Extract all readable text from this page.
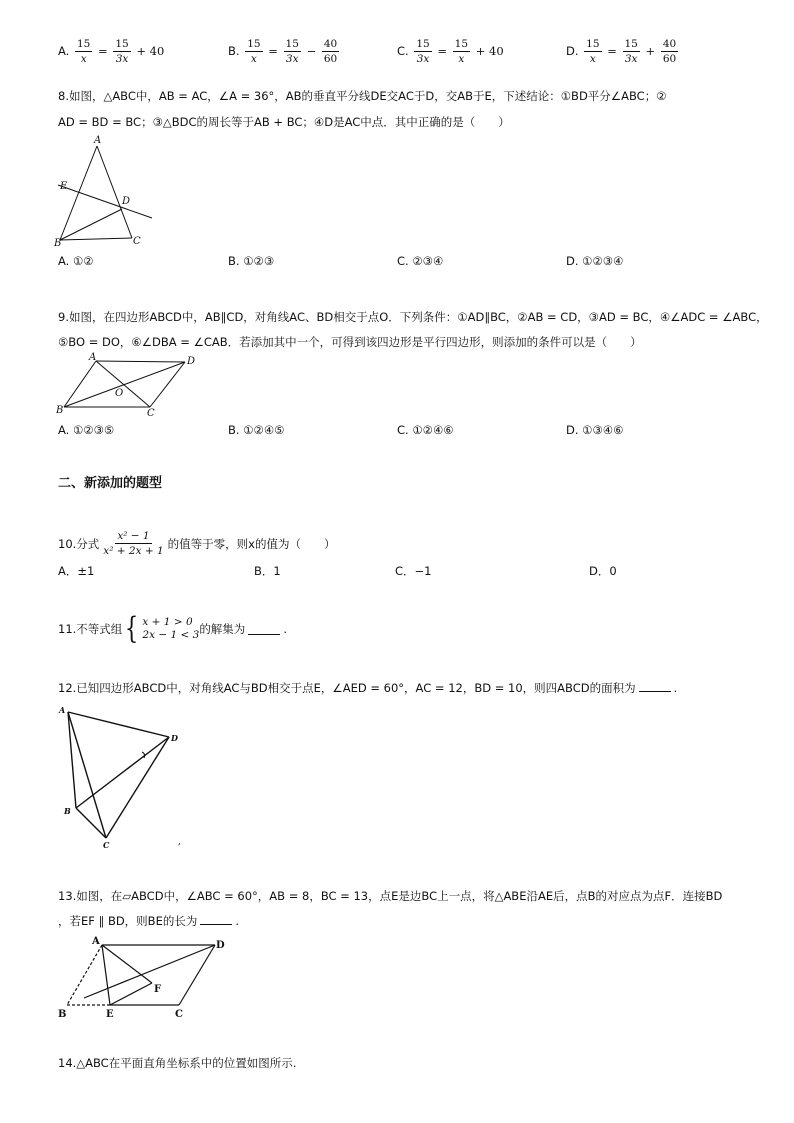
A. $\frac{15}{x} = \frac{15}{3x} + 40$	B. $\frac{15}{x} = \frac{15}{3x} - \frac{40}{60}$	C. $\frac{15}{3x} = \frac{15}{x} + 40$	D. $\frac{15}{x} = \frac{15}{3x} + \frac{40}{60}$
8.如图，△ABC中，AB = AC，∠A = 36°，AB的垂直平分线DE交AC于D，交AB于E，下述结论：①BD平分∠ABC；②
AD = BD = BC；③△BDC的周长等于AB + BC；④D是AC中点．其中正确的是（　　）
A
E
D
B	C
A. ①②	B. ①②③	C. ②③④	D. ①②③④
9.如图，在四边形ABCD中，AB∥CD，对角线AC、BD相交于点O．下列条件：①AD∥BC，②AB = CD，③AD = BC，④∠ADC = ∠ABC，
⑤BO = DO，⑥∠DBA = ∠CAB．若添加其中一个，可得到该四边形是平行四边形，则添加的条件可以是（　　）
A	D
O
B	C
A. ①②③⑤	B. ①②④⑤	C. ①②④⑥	D. ①③④⑥
二、新添加的题型
10.分式 $\frac{\text{x² − 1}}{\text{x² + 2x + 1}}$ 的值等于零，则x的值为（　　）
A．±1	B．1	C．−1	D．0
11.不等式组 { x + 1 > 0
2x − 1 < 3 的解集为	.
12.已知四边形ABCD中，对角线AC与BD相交于点E，∠AED = 60°，AC = 12，BD = 10，则四ABCD的面积为	.
A
D
B
C	,
13.如图，在▱ABCD中，∠ABC = 60°，AB = 8，BC = 13，点E是边BC上一点，将△ABE沿AE后，点B的对应点为点F．连接BD
，若EF ∥ BD，则BE的长为	.
A	D
F
B	E	C
14.△ABC在平面直角坐标系中的位置如图所示.
